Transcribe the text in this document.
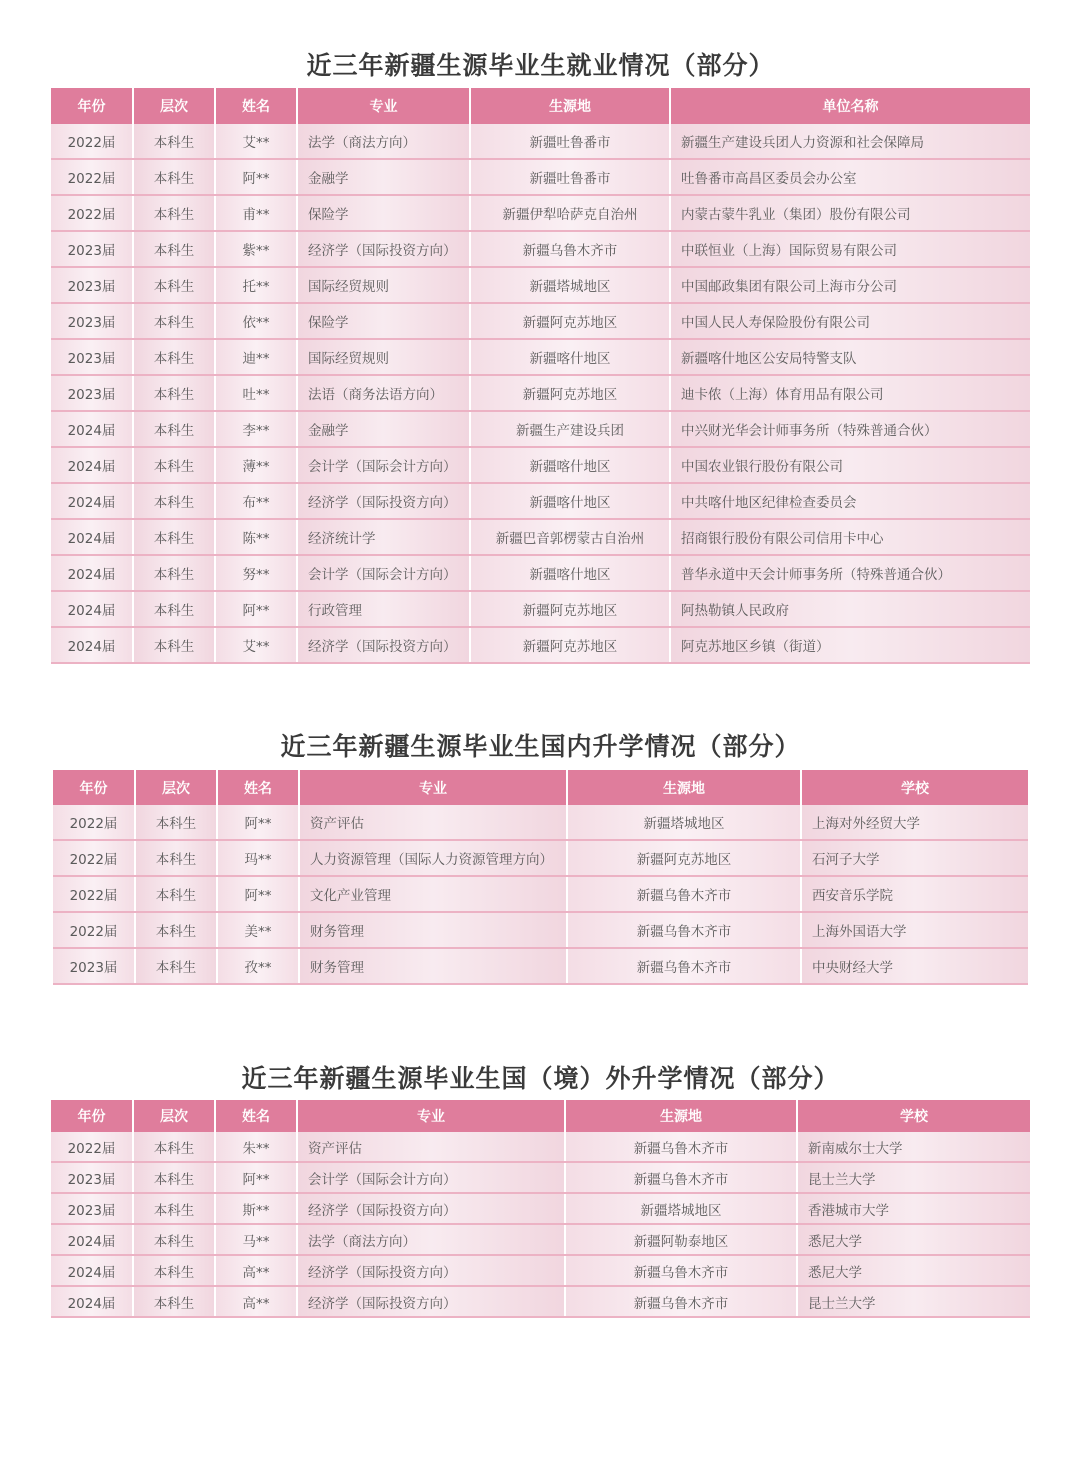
近三年新疆生源毕业生就业情况（部分）
年份	层次	姓名	专业	生源地	单位名称
2022届	本科生	艾**	法学（商法方向）	新疆吐鲁番市	新疆生产建设兵团人力资源和社会保障局
2022届	本科生	阿**	金融学	新疆吐鲁番市	吐鲁番市高昌区委员会办公室
2022届	本科生	甫**	保险学	新疆伊犁哈萨克自治州	内蒙古蒙牛乳业（集团）股份有限公司
2023届	本科生	紫**	经济学（国际投资方向）	新疆乌鲁木齐市	中联恒业（上海）国际贸易有限公司
2023届	本科生	托**	国际经贸规则	新疆塔城地区	中国邮政集团有限公司上海市分公司
2023届	本科生	依**	保险学	新疆阿克苏地区	中国人民人寿保险股份有限公司
2023届	本科生	迪**	国际经贸规则	新疆喀什地区	新疆喀什地区公安局特警支队
2023届	本科生	吐**	法语（商务法语方向）	新疆阿克苏地区	迪卡侬（上海）体育用品有限公司
2024届	本科生	李**	金融学	新疆生产建设兵团	中兴财光华会计师事务所（特殊普通合伙）
2024届	本科生	薄**	会计学（国际会计方向）	新疆喀什地区	中国农业银行股份有限公司
2024届	本科生	布**	经济学（国际投资方向）	新疆喀什地区	中共喀什地区纪律检查委员会
2024届	本科生	陈**	经济统计学	新疆巴音郭楞蒙古自治州	招商银行股份有限公司信用卡中心
2024届	本科生	努**	会计学（国际会计方向）	新疆喀什地区	普华永道中天会计师事务所（特殊普通合伙）
2024届	本科生	阿**	行政管理	新疆阿克苏地区	阿热勒镇人民政府
2024届	本科生	艾**	经济学（国际投资方向）	新疆阿克苏地区	阿克苏地区乡镇（街道）
近三年新疆生源毕业生国内升学情况（部分）
年份	层次	姓名	专业	生源地	学校
2022届	本科生	阿**	资产评估	新疆塔城地区	上海对外经贸大学
2022届	本科生	玛**	人力资源管理（国际人力资源管理方向）	新疆阿克苏地区	石河子大学
2022届	本科生	阿**	文化产业管理	新疆乌鲁木齐市	西安音乐学院
2022届	本科生	美**	财务管理	新疆乌鲁木齐市	上海外国语大学
2023届	本科生	孜**	财务管理	新疆乌鲁木齐市	中央财经大学
近三年新疆生源毕业生国（境）外升学情况（部分）
年份	层次	姓名	专业	生源地	学校
2022届	本科生	朱**	资产评估	新疆乌鲁木齐市	新南威尔士大学
2023届	本科生	阿**	会计学（国际会计方向）	新疆乌鲁木齐市	昆士兰大学
2023届	本科生	斯**	经济学（国际投资方向）	新疆塔城地区	香港城市大学
2024届	本科生	马**	法学（商法方向）	新疆阿勒泰地区	悉尼大学
2024届	本科生	高**	经济学（国际投资方向）	新疆乌鲁木齐市	悉尼大学
2024届	本科生	高**	经济学（国际投资方向）	新疆乌鲁木齐市	昆士兰大学
